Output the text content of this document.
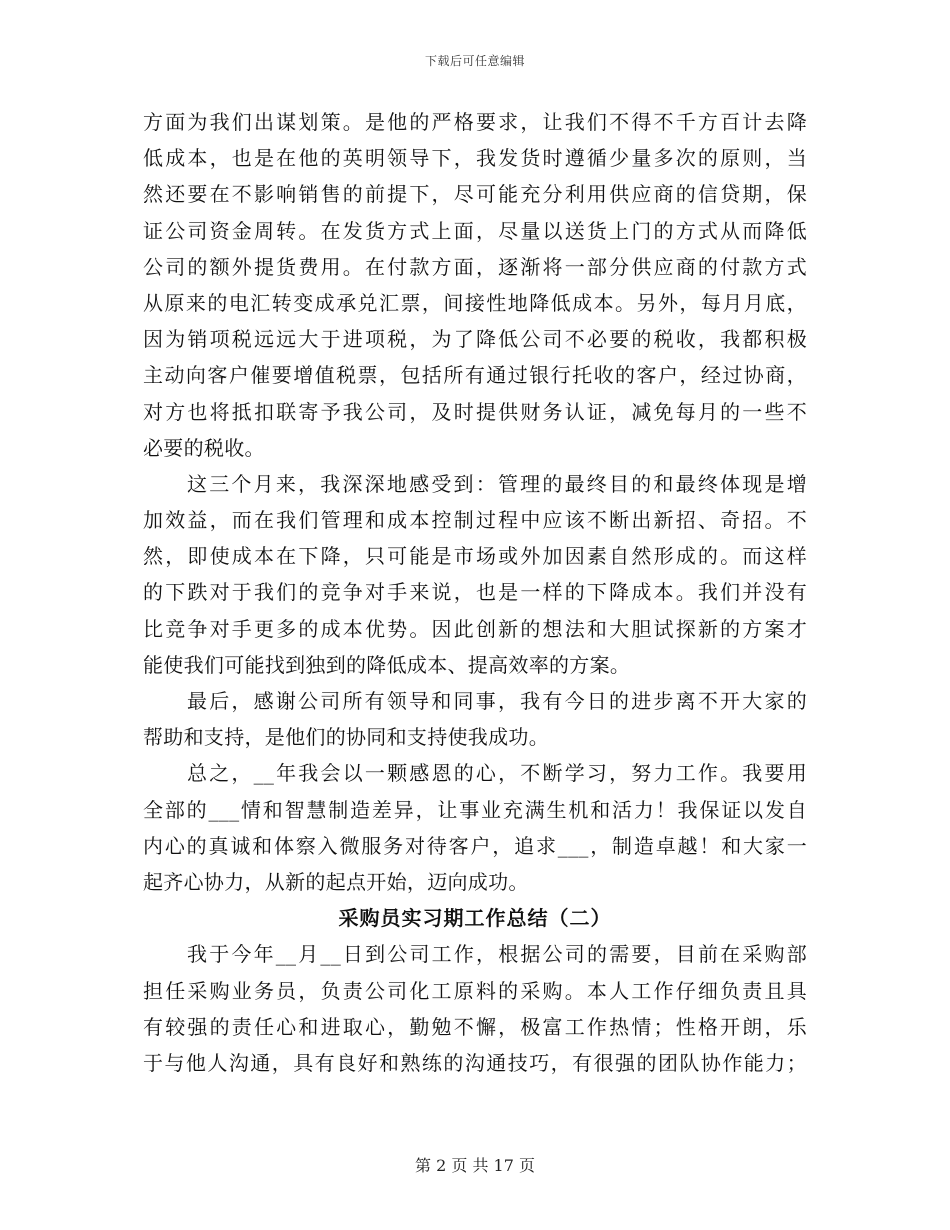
下载后可任意编辑
方面为我们出谋划策。是他的严格要求，让我们不得不千方百计去降
低成本，也是在他的英明领导下，我发货时遵循少量多次的原则，当
然还要在不影响销售的前提下，尽可能充分利用供应商的信贷期，保
证公司资金周转。在发货方式上面，尽量以送货上门的方式从而降低
公司的额外提货费用。在付款方面，逐渐将一部分供应商的付款方式
从原来的电汇转变成承兑汇票，间接性地降低成本。另外，每月月底，
因为销项税远远大于进项税，为了降低公司不必要的税收，我都积极
主动向客户催要增值税票，包括所有通过银行托收的客户，经过协商，
对方也将抵扣联寄予我公司，及时提供财务认证，减免每月的一些不
必要的税收。
这三个月来，我深深地感受到：管理的最终目的和最终体现是增
加效益，而在我们管理和成本控制过程中应该不断出新招、奇招。不
然，即使成本在下降，只可能是市场或外加因素自然形成的。而这样
的下跌对于我们的竞争对手来说，也是一样的下降成本。我们并没有
比竞争对手更多的成本优势。因此创新的想法和大胆试探新的方案才
能使我们可能找到独到的降低成本、提高效率的方案。
最后，感谢公司所有领导和同事，我有今日的进步离不开大家的
帮助和支持，是他们的协同和支持使我成功。
总之，__年我会以一颗感恩的心，不断学习，努力工作。我要用
全部的___情和智慧制造差异，让事业充满生机和活力！我保证以发自
内心的真诚和体察入微服务对待客户，追求___，制造卓越！和大家一
起齐心协力，从新的起点开始，迈向成功。
采购员实习期工作总结（二）
我于今年__月__日到公司工作，根据公司的需要，目前在采购部
担任采购业务员，负责公司化工原料的采购。本人工作仔细负责且具
有较强的责任心和进取心，勤勉不懈，极富工作热情；性格开朗，乐
于与他人沟通，具有良好和熟练的沟通技巧，有很强的团队协作能力；
第 2 页 共 17 页
